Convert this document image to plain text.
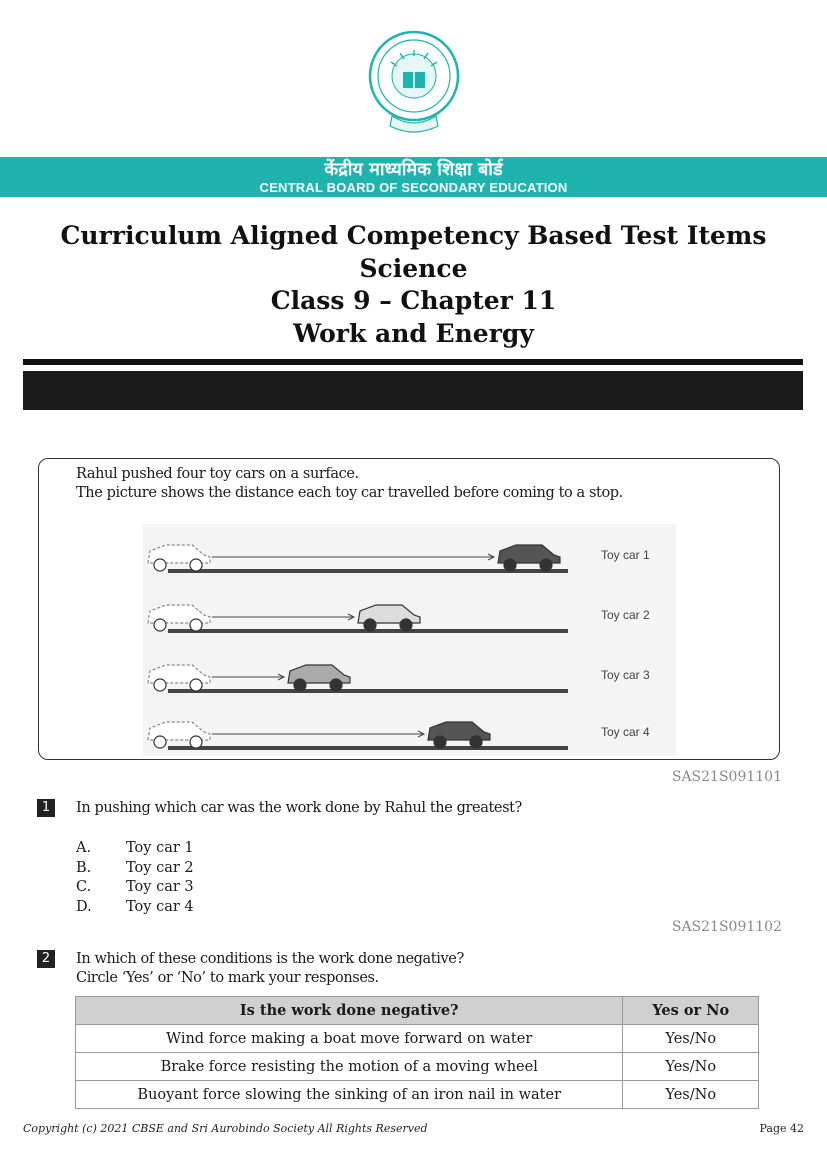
केंद्रीय माध्यमिक शिक्षा बोर्ड
CENTRAL BOARD OF SECONDARY EDUCATION
Curriculum Aligned Competency Based Test Items
Science
Class 9 – Chapter 11
Work and Energy
Rahul pushed four toy cars on a surface.
The picture shows the distance each toy car travelled before coming to a stop.
Toy car 1
Toy car 2
Toy car 3
Toy car 4
SAS21S091101
1	In pushing which car was the work done by Rahul the greatest?
A. Toy car 1
B. Toy car 2
C. Toy car 3
D. Toy car 4
SAS21S091102
2	In which of these conditions is the work done negative?
Circle ‘Yes’ or ‘No’ to mark your responses.
Is the work done negative?	Yes or No
Wind force making a boat move forward on water	Yes/No
Brake force resisting the motion of a moving wheel	Yes/No
Buoyant force slowing the sinking of an iron nail in water	Yes/No
Copyright (c) 2021 CBSE and Sri Aurobindo Society All Rights Reserved	Page 42
